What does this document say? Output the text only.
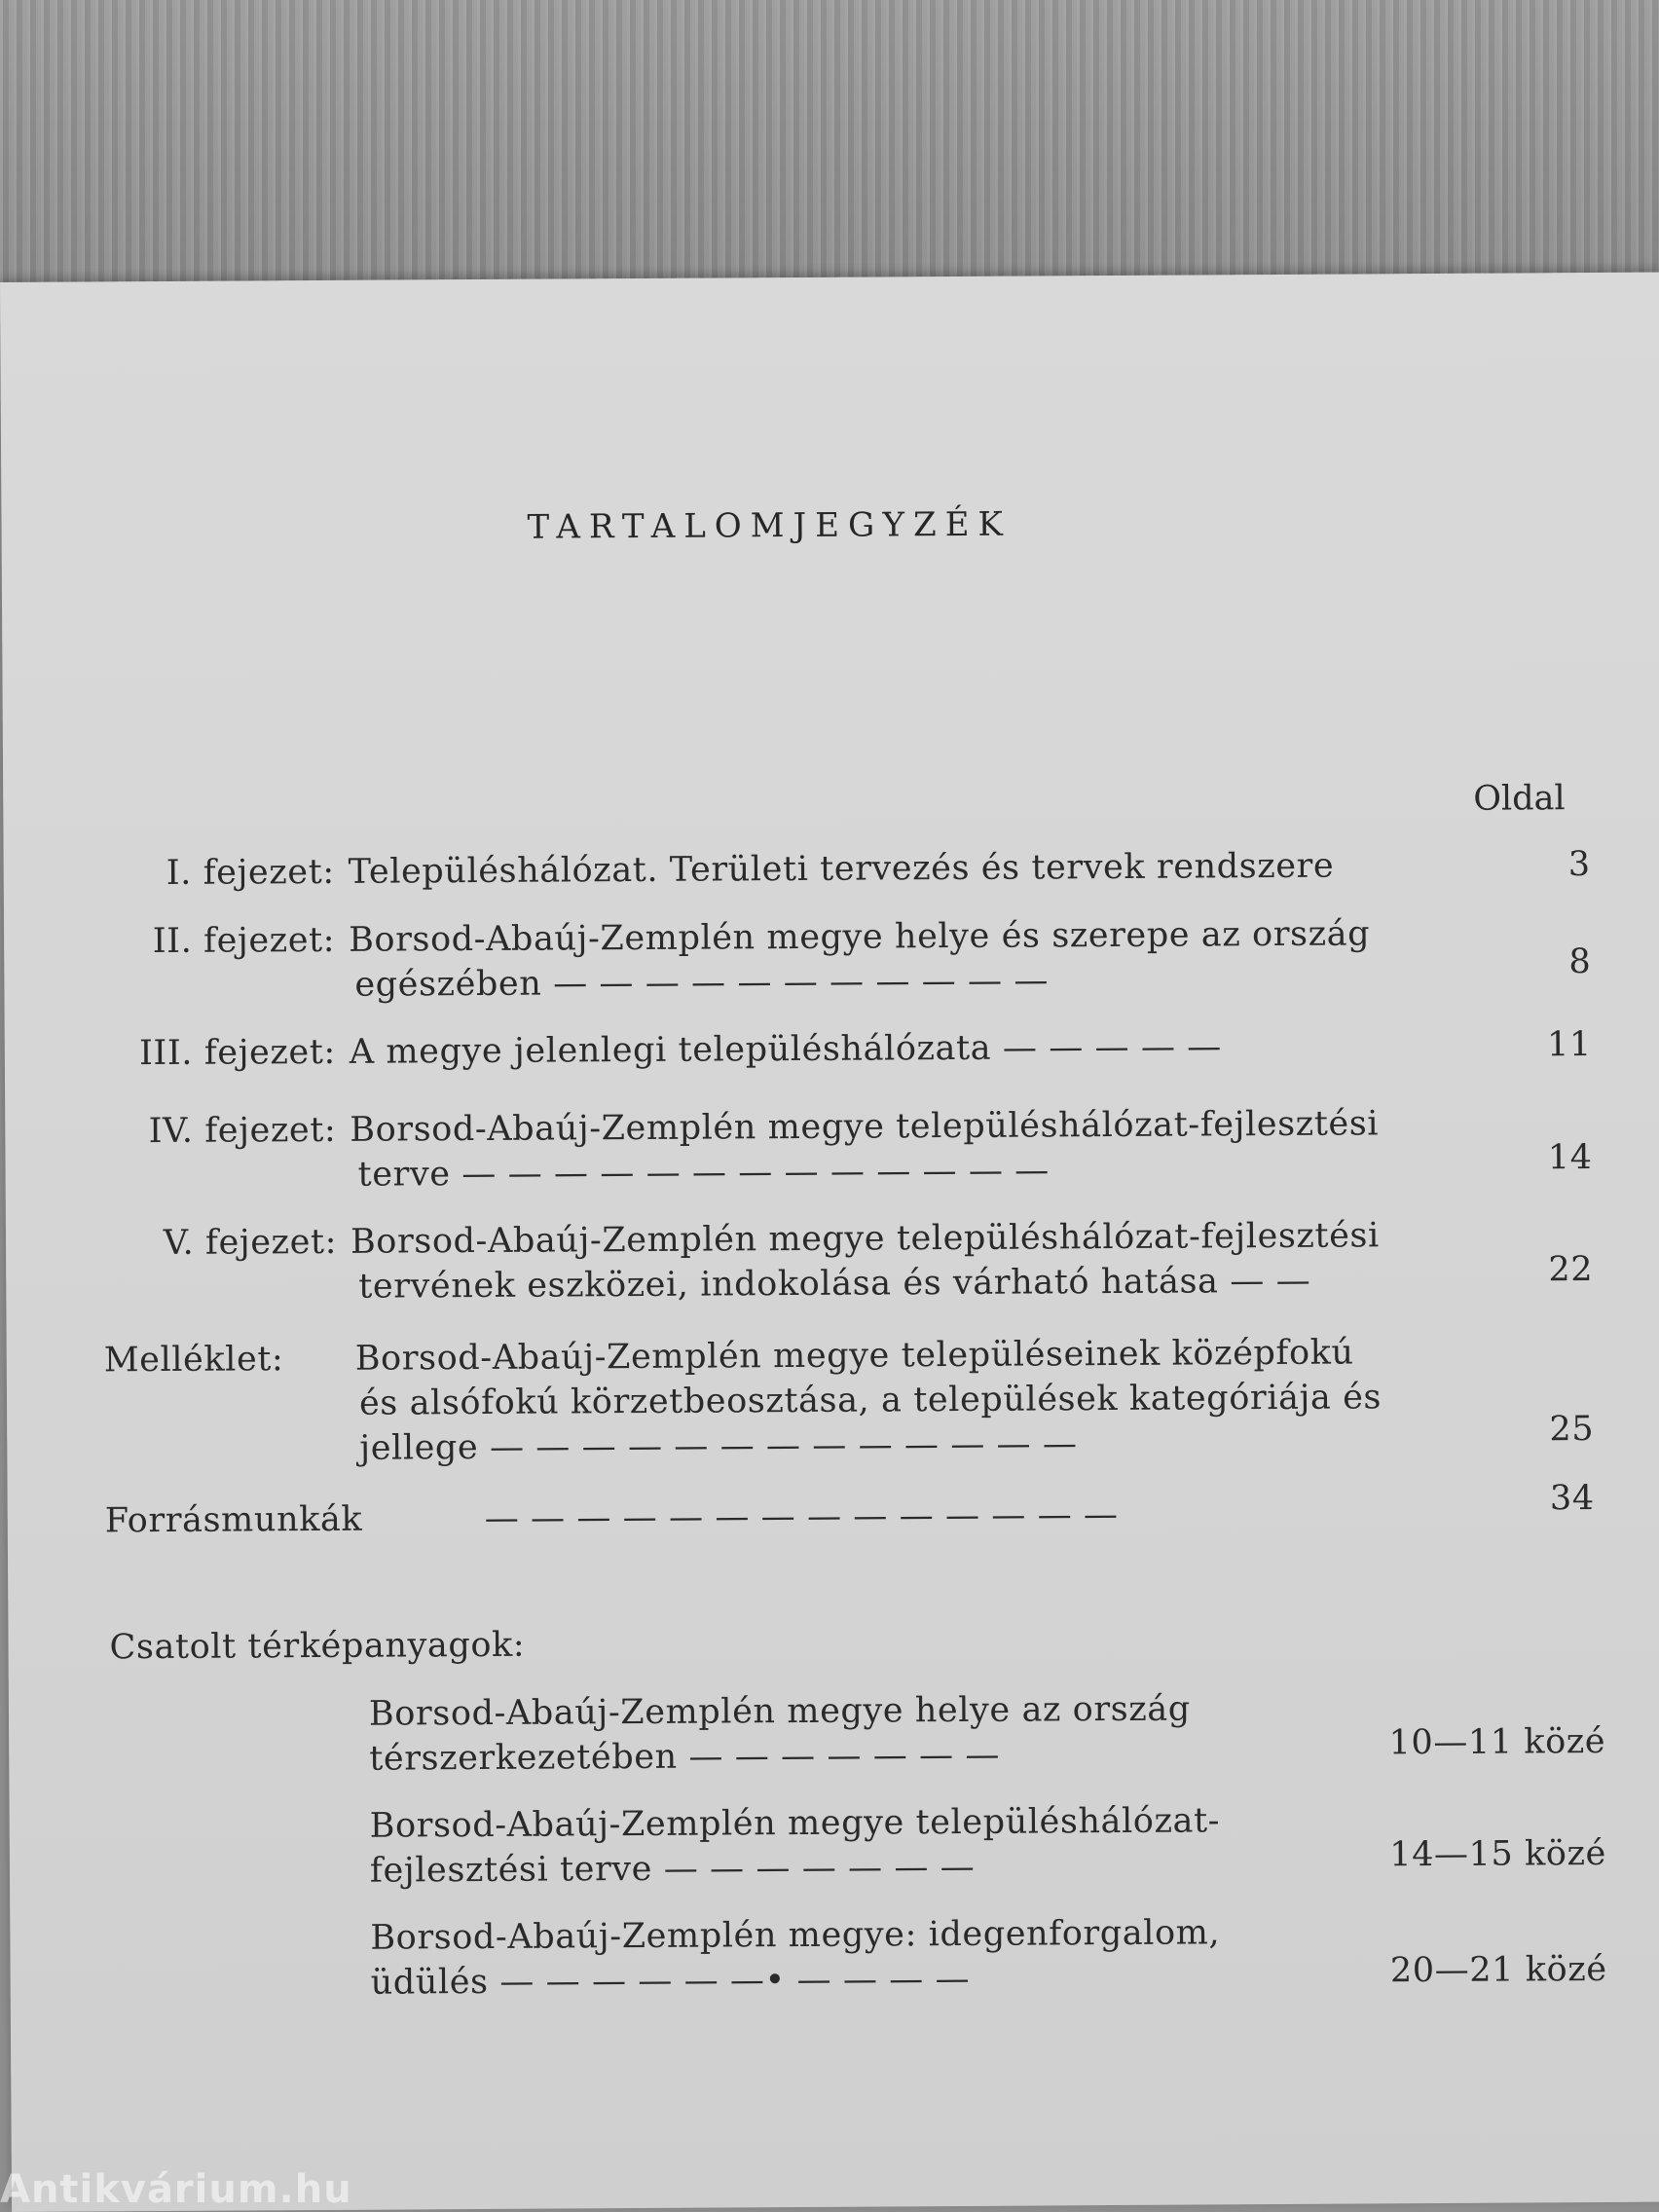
TARTALOMJEGYZÉK
Oldal
I. fejezet: Településhálózat. Területi tervezés és tervek rendszere	3
II. fejezet: Borsod-Abaúj-Zemplén megye helye és szerepe az ország
egészében — — — — — — — — — — —	8
III. fejezet: A megye jelenlegi településhálózata — — — — —	11
IV. fejezet: Borsod-Abaúj-Zemplén megye településhálózat-fejlesztési
terve — — — — — — — — — — — — —	14
V. fejezet: Borsod-Abaúj-Zemplén megye településhálózat-fejlesztési
tervének eszközei, indokolása és várható hatása — —	22
Melléklet:	Borsod-Abaúj-Zemplén megye településeinek középfokú
és alsófokú körzetbeosztása, a települések kategóriája és
jellege — — — — — — — — — — — — —	25
Forrásmunkák	— — — — — — — — — — — — — —	34
Csatolt térképanyagok:
Borsod-Abaúj-Zemplén megye helye az ország
térszerkezetében — — — — — — —	10—11 közé
Borsod-Abaúj-Zemplén megye településhálózat-
fejlesztési terve — — — — — — —	14—15 közé
Borsod-Abaúj-Zemplén megye: idegenforgalom,
üdülés — — — — — —• — — — —	20—21 közé
Antikvárium.hu
